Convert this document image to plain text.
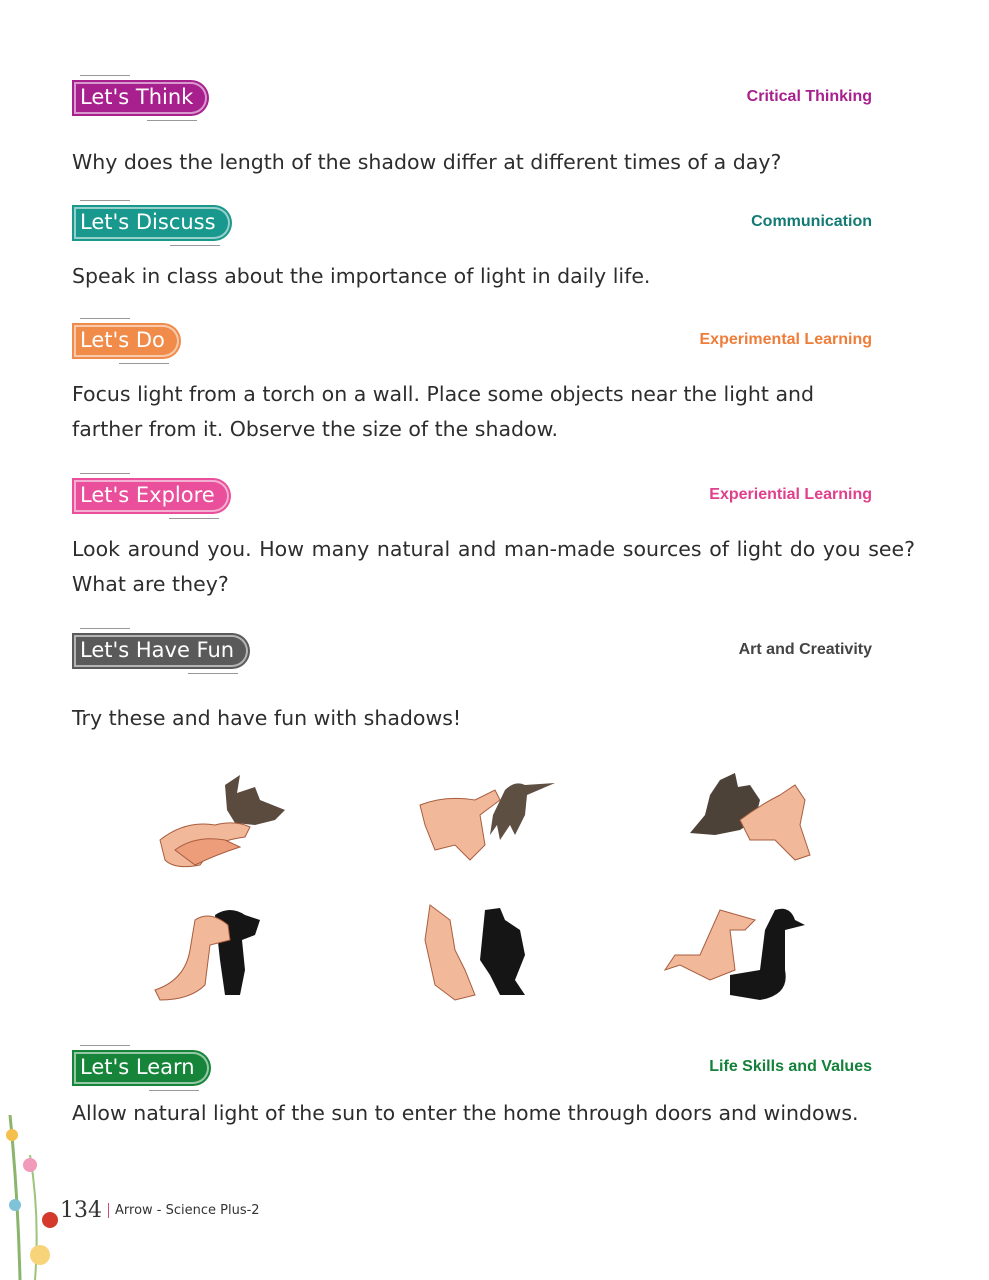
Let's Think	Critical Thinking

Why does the length of the shadow differ at different times of a day?

Let's Discuss	Communication

Speak in class about the importance of light in daily life.

Let's Do	Experimental Learning

Focus light from a torch on a wall. Place some objects near the light and farther from it. Observe the size of the shadow.

Let's Explore	Experiential Learning

Look around you. How many natural and man-made sources of light do you see? What are they?

Let's Have Fun	Art and Creativity

Try these and have fun with shadows!

Let's Learn	Life Skills and Values

Allow natural light of the sun to enter the home through doors and windows.

134	Arrow - Science Plus-2
